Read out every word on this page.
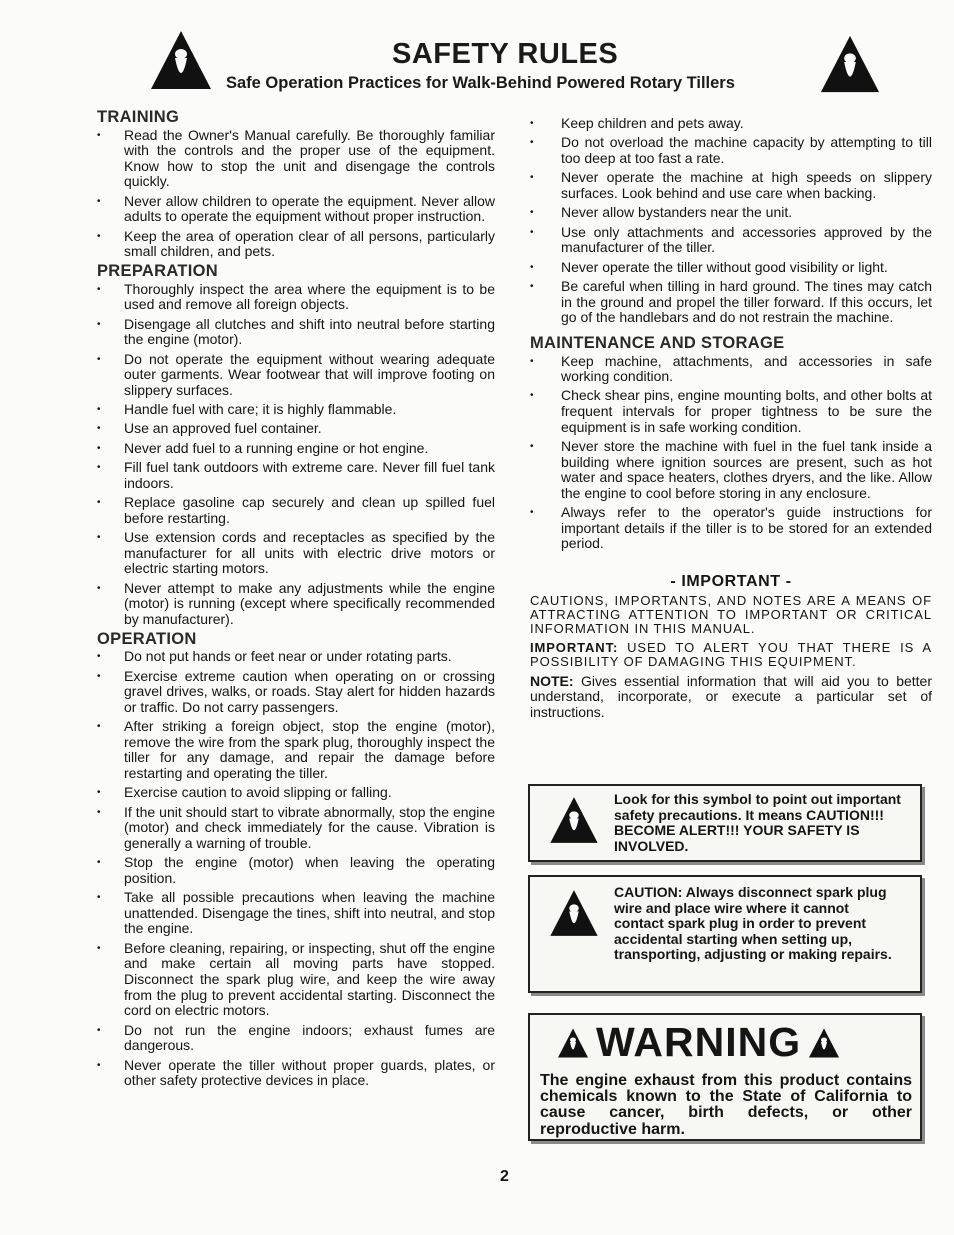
SAFETY RULES
Safe Operation Practices for Walk-Behind Powered Rotary Tillers
TRAINING
• Read the Owner's Manual carefully. Be thoroughly familiar with the controls and the proper use of the equipment. Know how to stop the unit and disengage the controls quickly.
• Never allow children to operate the equipment. Never allow adults to operate the equipment without proper instruction.
• Keep the area of operation clear of all persons, particularly small children, and pets.
PREPARATION
• Thoroughly inspect the area where the equipment is to be used and remove all foreign objects.
• Disengage all clutches and shift into neutral before starting the engine (motor).
• Do not operate the equipment without wearing adequate outer garments. Wear footwear that will improve footing on slippery surfaces.
• Handle fuel with care; it is highly flammable.
• Use an approved fuel container.
• Never add fuel to a running engine or hot engine.
• Fill fuel tank outdoors with extreme care. Never fill fuel tank indoors.
• Replace gasoline cap securely and clean up spilled fuel before restarting.
• Use extension cords and receptacles as specified by the manufacturer for all units with electric drive motors or electric starting motors.
• Never attempt to make any adjustments while the engine (motor) is running (except where specifically recommended by manufacturer).
OPERATION
• Do not put hands or feet near or under rotating parts.
• Exercise extreme caution when operating on or crossing gravel drives, walks, or roads. Stay alert for hidden hazards or traffic. Do not carry passengers.
• After striking a foreign object, stop the engine (motor), remove the wire from the spark plug, thoroughly inspect the tiller for any damage, and repair the damage before restarting and operating the tiller.
• Exercise caution to avoid slipping or falling.
• If the unit should start to vibrate abnormally, stop the engine (motor) and check immediately for the cause. Vibration is generally a warning of trouble.
• Stop the engine (motor) when leaving the operating position.
• Take all possible precautions when leaving the machine unattended. Disengage the tines, shift into neutral, and stop the engine.
• Before cleaning, repairing, or inspecting, shut off the engine and make certain all moving parts have stopped. Disconnect the spark plug wire, and keep the wire away from the plug to prevent accidental starting. Disconnect the cord on electric motors.
• Do not run the engine indoors; exhaust fumes are dangerous.
• Never operate the tiller without proper guards, plates, or other safety protective devices in place.
• Keep children and pets away.
• Do not overload the machine capacity by attempting to till too deep at too fast a rate.
• Never operate the machine at high speeds on slippery surfaces. Look behind and use care when backing.
• Never allow bystanders near the unit.
• Use only attachments and accessories approved by the manufacturer of the tiller.
• Never operate the tiller without good visibility or light.
• Be careful when tilling in hard ground. The tines may catch in the ground and propel the tiller forward. If this occurs, let go of the handlebars and do not restrain the machine.
MAINTENANCE AND STORAGE
• Keep machine, attachments, and accessories in safe working condition.
• Check shear pins, engine mounting bolts, and other bolts at frequent intervals for proper tightness to be sure the equipment is in safe working condition.
• Never store the machine with fuel in the fuel tank inside a building where ignition sources are present, such as hot water and space heaters, clothes dryers, and the like. Allow the engine to cool before storing in any enclosure.
• Always refer to the operator's guide instructions for important details if the tiller is to be stored for an extended period.
- IMPORTANT -
CAUTIONS, IMPORTANTS, AND NOTES ARE A MEANS OF ATTRACTING ATTENTION TO IMPORTANT OR CRITICAL INFORMATION IN THIS MANUAL.
IMPORTANT: USED TO ALERT YOU THAT THERE IS A POSSIBILITY OF DAMAGING THIS EQUIPMENT.
NOTE: Gives essential information that will aid you to better understand, incorporate, or execute a particular set of instructions.
Look for this symbol to point out important safety precautions. It means CAUTION!!! BECOME ALERT!!! YOUR SAFETY IS INVOLVED.
CAUTION: Always disconnect spark plug wire and place wire where it cannot contact spark plug in order to prevent accidental starting when setting up, transporting, adjusting or making repairs.
WARNING
The engine exhaust from this product contains chemicals known to the State of California to cause cancer, birth defects, or other reproductive harm.
2
